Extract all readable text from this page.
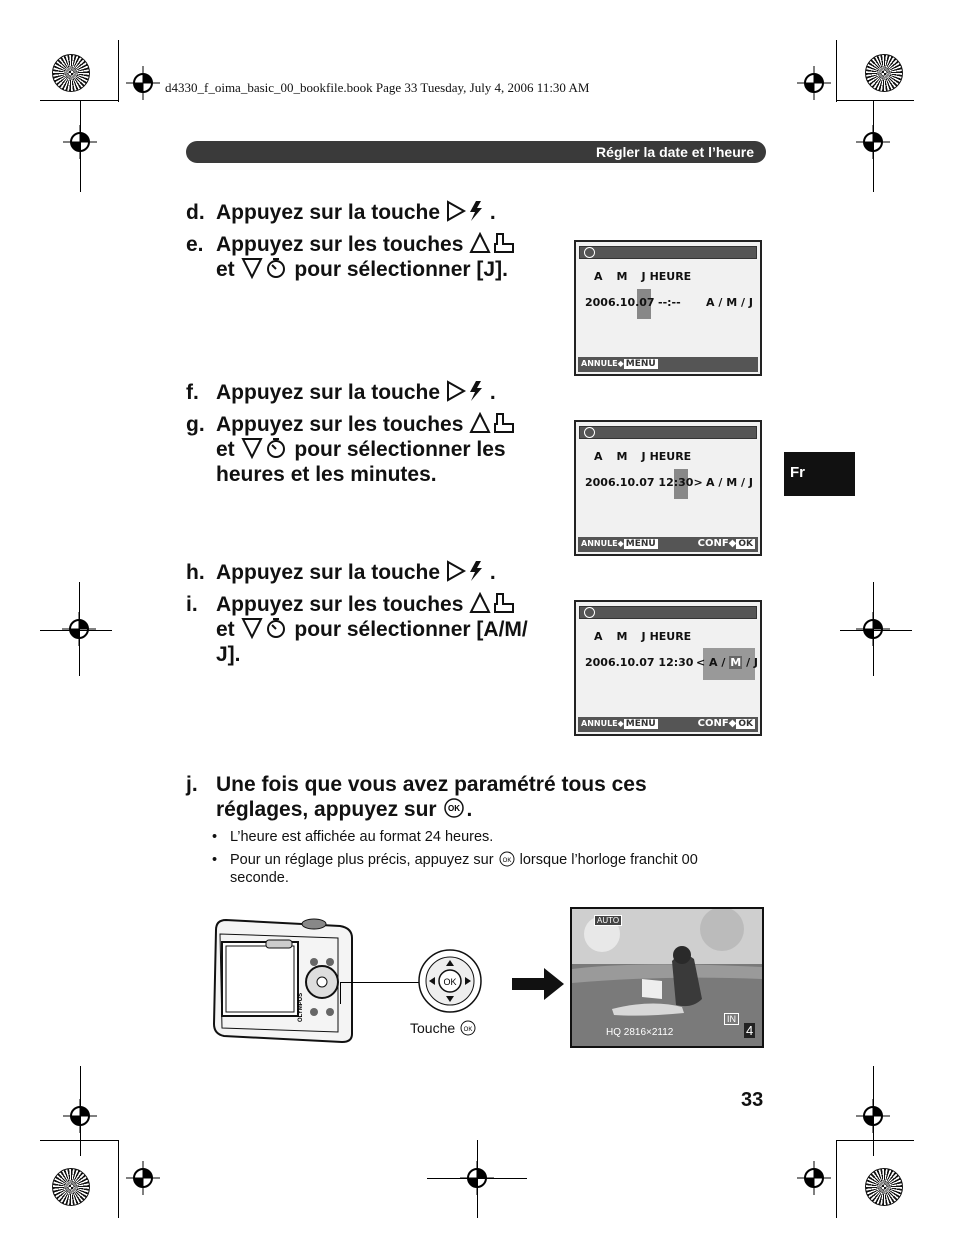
d4330_f_oima_basic_00_bookfile.book Page 33 Tuesday, July 4, 2006 11:30 AM
Régler la date et l’heure
Fr
d. Appuyez sur la touche .
e. Appuyez sur les touches
et	pour sélectionner [J].
f. Appuyez sur la touche .
g. Appuyez sur les touches
et	pour sélectionner les
heures et les minutes.
h. Appuyez sur la touche .
i. Appuyez sur les touches
et	pour sélectionner [A/M/
J].
j. Une fois que vous avez paramétré tous ces
réglages, appuyez sur OK .
• L’heure est affichée au format 24 heures.
• Pour un réglage plus précis, appuyez sur OK lorsque l’horloge franchit 00
seconde.
A M J HEURE
2006.10.07 --:-- A / M / J
ANNULE◆ MENU
A M J HEURE
2006.10.07 12:30> A / M / J
ANNULE◆ MENU	CONF◆ OK
A M J HEURE
2006.10.07 12:30 < A / M / J
ANNULE◆ MENU	CONF◆ OK
OLYMPUS
OK
Touche OK
AUTO
IN
HQ 2816×2112	4
33
